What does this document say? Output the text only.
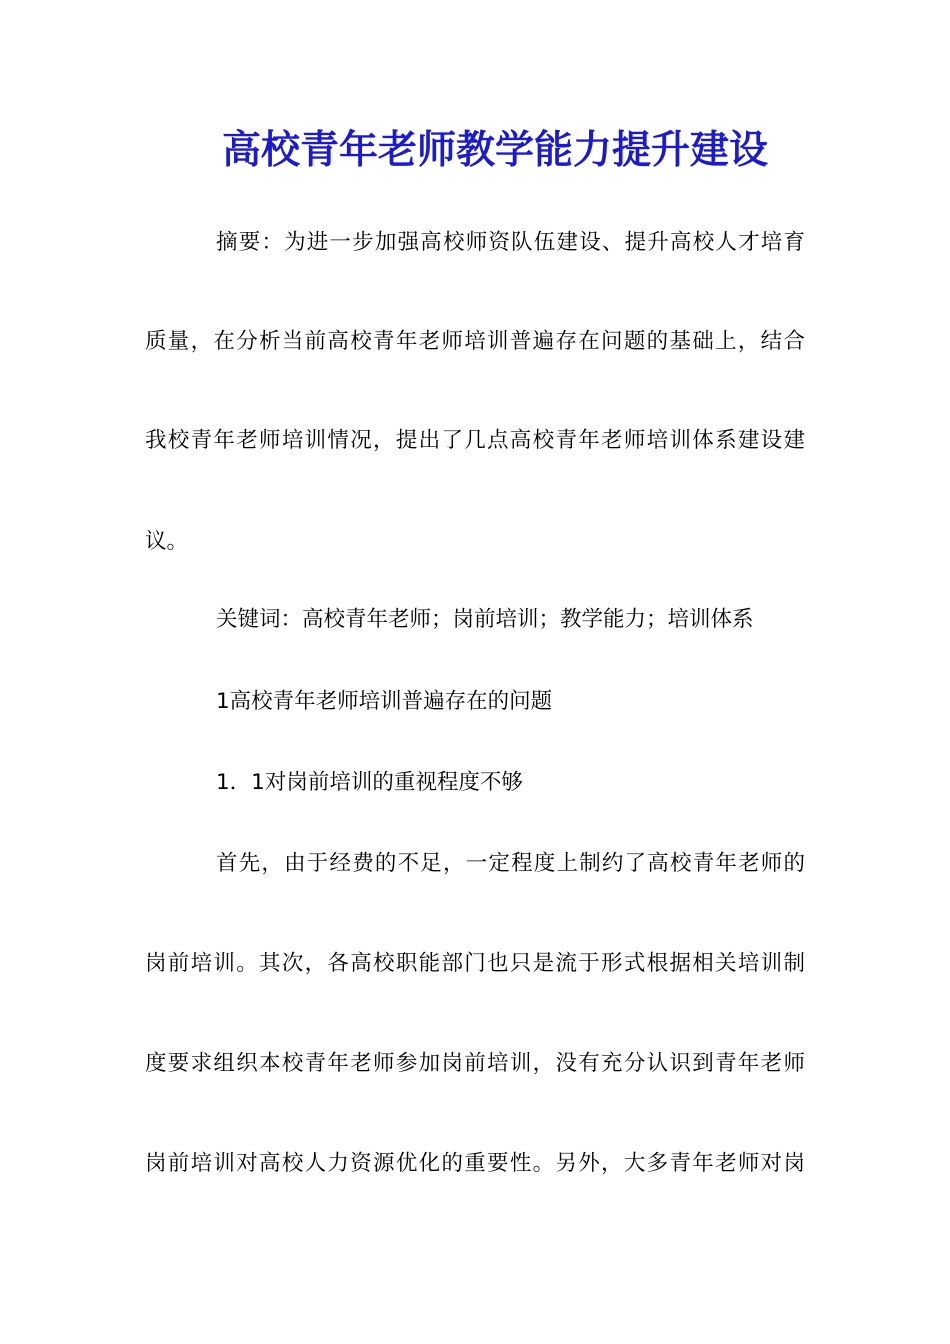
高校青年老师教学能力提升建设
摘要：为进一步加强高校师资队伍建设、提升高校人才培育
质量，在分析当前高校青年老师培训普遍存在问题的基础上，结合
我校青年老师培训情况，提出了几点高校青年老师培训体系建设建
议。
关键词：高校青年老师；岗前培训；教学能力；培训体系
1高校青年老师培训普遍存在的问题
1．1对岗前培训的重视程度不够
首先，由于经费的不足，一定程度上制约了高校青年老师的
岗前培训。其次，各高校职能部门也只是流于形式根据相关培训制
度要求组织本校青年老师参加岗前培训，没有充分认识到青年老师
岗前培训对高校人力资源优化的重要性。另外，大多青年老师对岗
